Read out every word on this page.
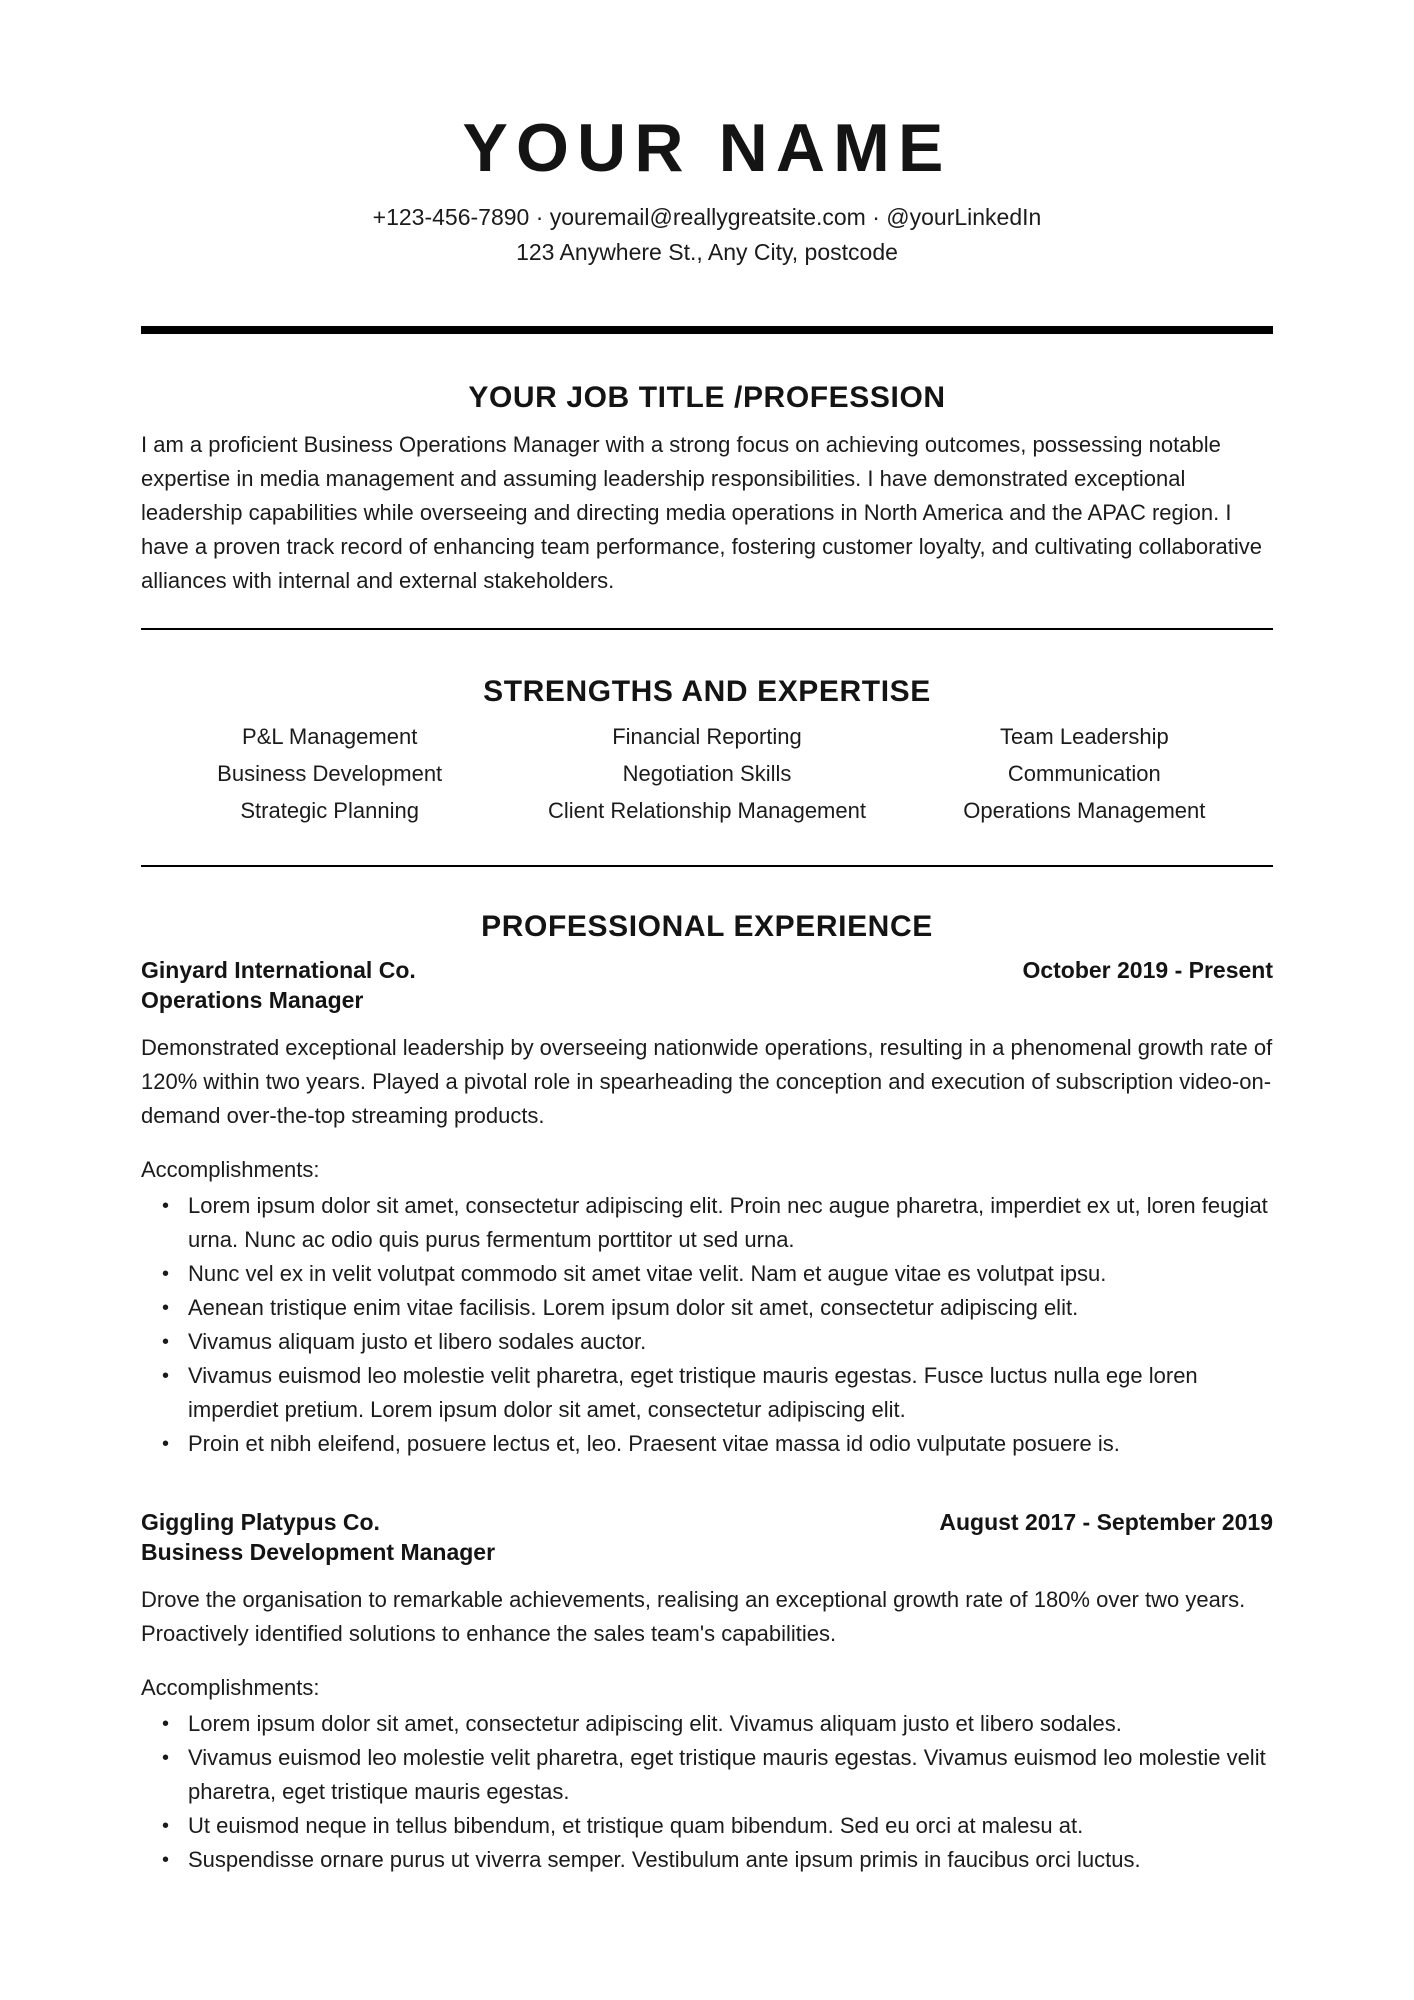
YOUR NAME
+123-456-7890 · youremail@reallygreatsite.com · @yourLinkedIn
123 Anywhere St., Any City, postcode
YOUR JOB TITLE /PROFESSION

I am a proficient Business Operations Manager with a strong focus on achieving outcomes, possessing notable expertise in media management and assuming leadership responsibilities. I have demonstrated exceptional leadership capabilities while overseeing and directing media operations in North America and the APAC region. I have a proven track record of enhancing team performance, fostering customer loyalty, and cultivating collaborative alliances with internal and external stakeholders.

STRENGTHS AND EXPERTISE
P&L Management
Business Development
Strategic Planning
Financial Reporting
Negotiation Skills
Client Relationship Management
Team Leadership
Communication
Operations Management
PROFESSIONAL EXPERIENCE
Ginyard International Co.	October 2019 - Present
Operations Manager

Demonstrated exceptional leadership by overseeing nationwide operations, resulting in a phenomenal growth rate of 120% within two years. Played a pivotal role in spearheading the conception and execution of subscription video-on-demand over-the-top streaming products.

Accomplishments:
• Lorem ipsum dolor sit amet, consectetur adipiscing elit. Proin nec augue pharetra, imperdiet ex ut, loren feugiat urna. Nunc ac odio quis purus fermentum porttitor ut sed urna.
• Nunc vel ex in velit volutpat commodo sit amet vitae velit. Nam et augue vitae es volutpat ipsu.
• Aenean tristique enim vitae facilisis. Lorem ipsum dolor sit amet, consectetur adipiscing elit.
• Vivamus aliquam justo et libero sodales auctor.
• Vivamus euismod leo molestie velit pharetra, eget tristique mauris egestas. Fusce luctus nulla ege loren imperdiet pretium. Lorem ipsum dolor sit amet, consectetur adipiscing elit.
• Proin et nibh eleifend, posuere lectus et, leo. Praesent vitae massa id odio vulputate posuere is.
Giggling Platypus Co.	August 2017 - September 2019
Business Development Manager

Drove the organisation to remarkable achievements, realising an exceptional growth rate of 180% over two years. Proactively identified solutions to enhance the sales team's capabilities.

Accomplishments:
• Lorem ipsum dolor sit amet, consectetur adipiscing elit. Vivamus aliquam justo et libero sodales.
• Vivamus euismod leo molestie velit pharetra, eget tristique mauris egestas. Vivamus euismod leo molestie velit pharetra, eget tristique mauris egestas.
• Ut euismod neque in tellus bibendum, et tristique quam bibendum. Sed eu orci at malesu at.
• Suspendisse ornare purus ut viverra semper. Vestibulum ante ipsum primis in faucibus orci luctus.
